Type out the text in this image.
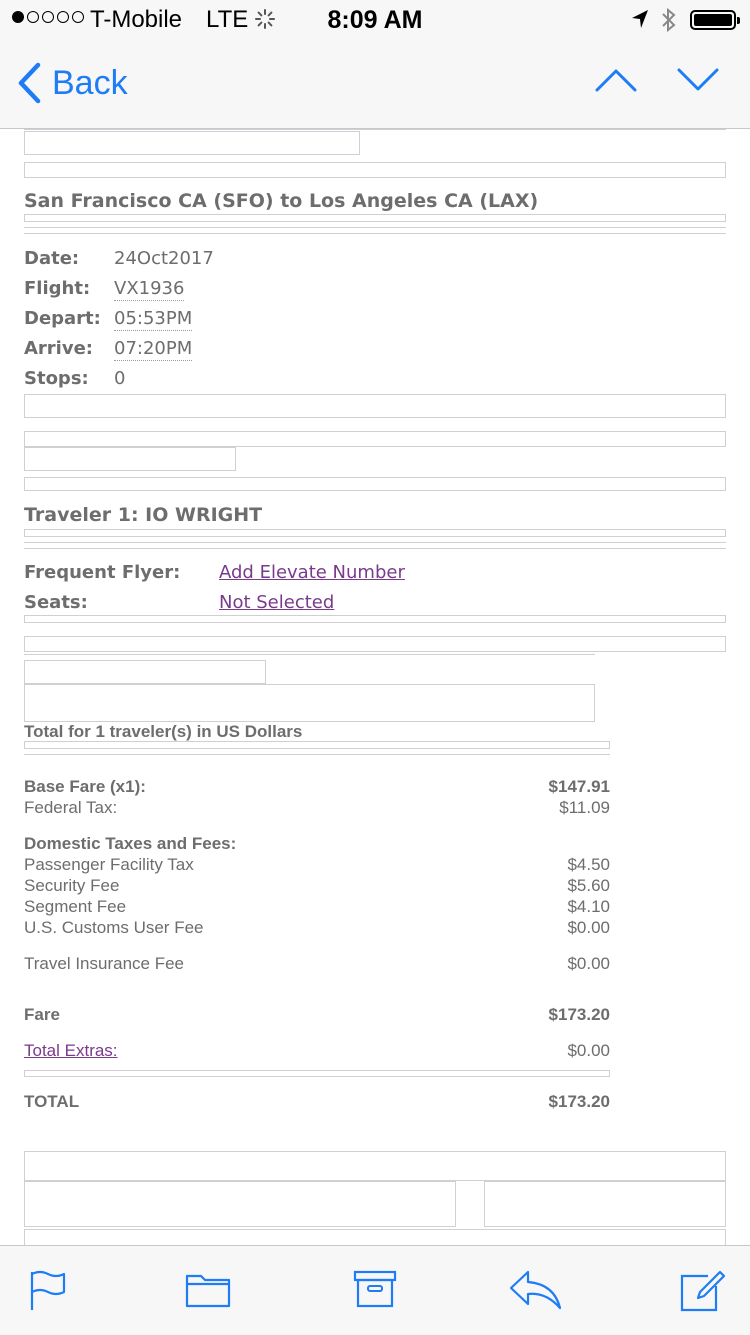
T-Mobile LTE	8:09 AM
Back
San Francisco CA (SFO) to Los Angeles CA (LAX)
Date: 24Oct2017
Flight: VX1936
Depart: 05:53PM
Arrive: 07:20PM
Stops: 0
Traveler 1: IO WRIGHT
Frequent Flyer: Add Elevate Number
Seats:	Not Selected
Total for 1 traveler(s) in US Dollars
Base Fare (x1):	$147.91
Federal Tax:	$11.09
Domestic Taxes and Fees:
Passenger Facility Tax	$4.50
Security Fee	$5.60
Segment Fee	$4.10
U.S. Customs User Fee	$0.00
Travel Insurance Fee	$0.00
Fare	$173.20
Total Extras:	$0.00
TOTAL	$173.20
